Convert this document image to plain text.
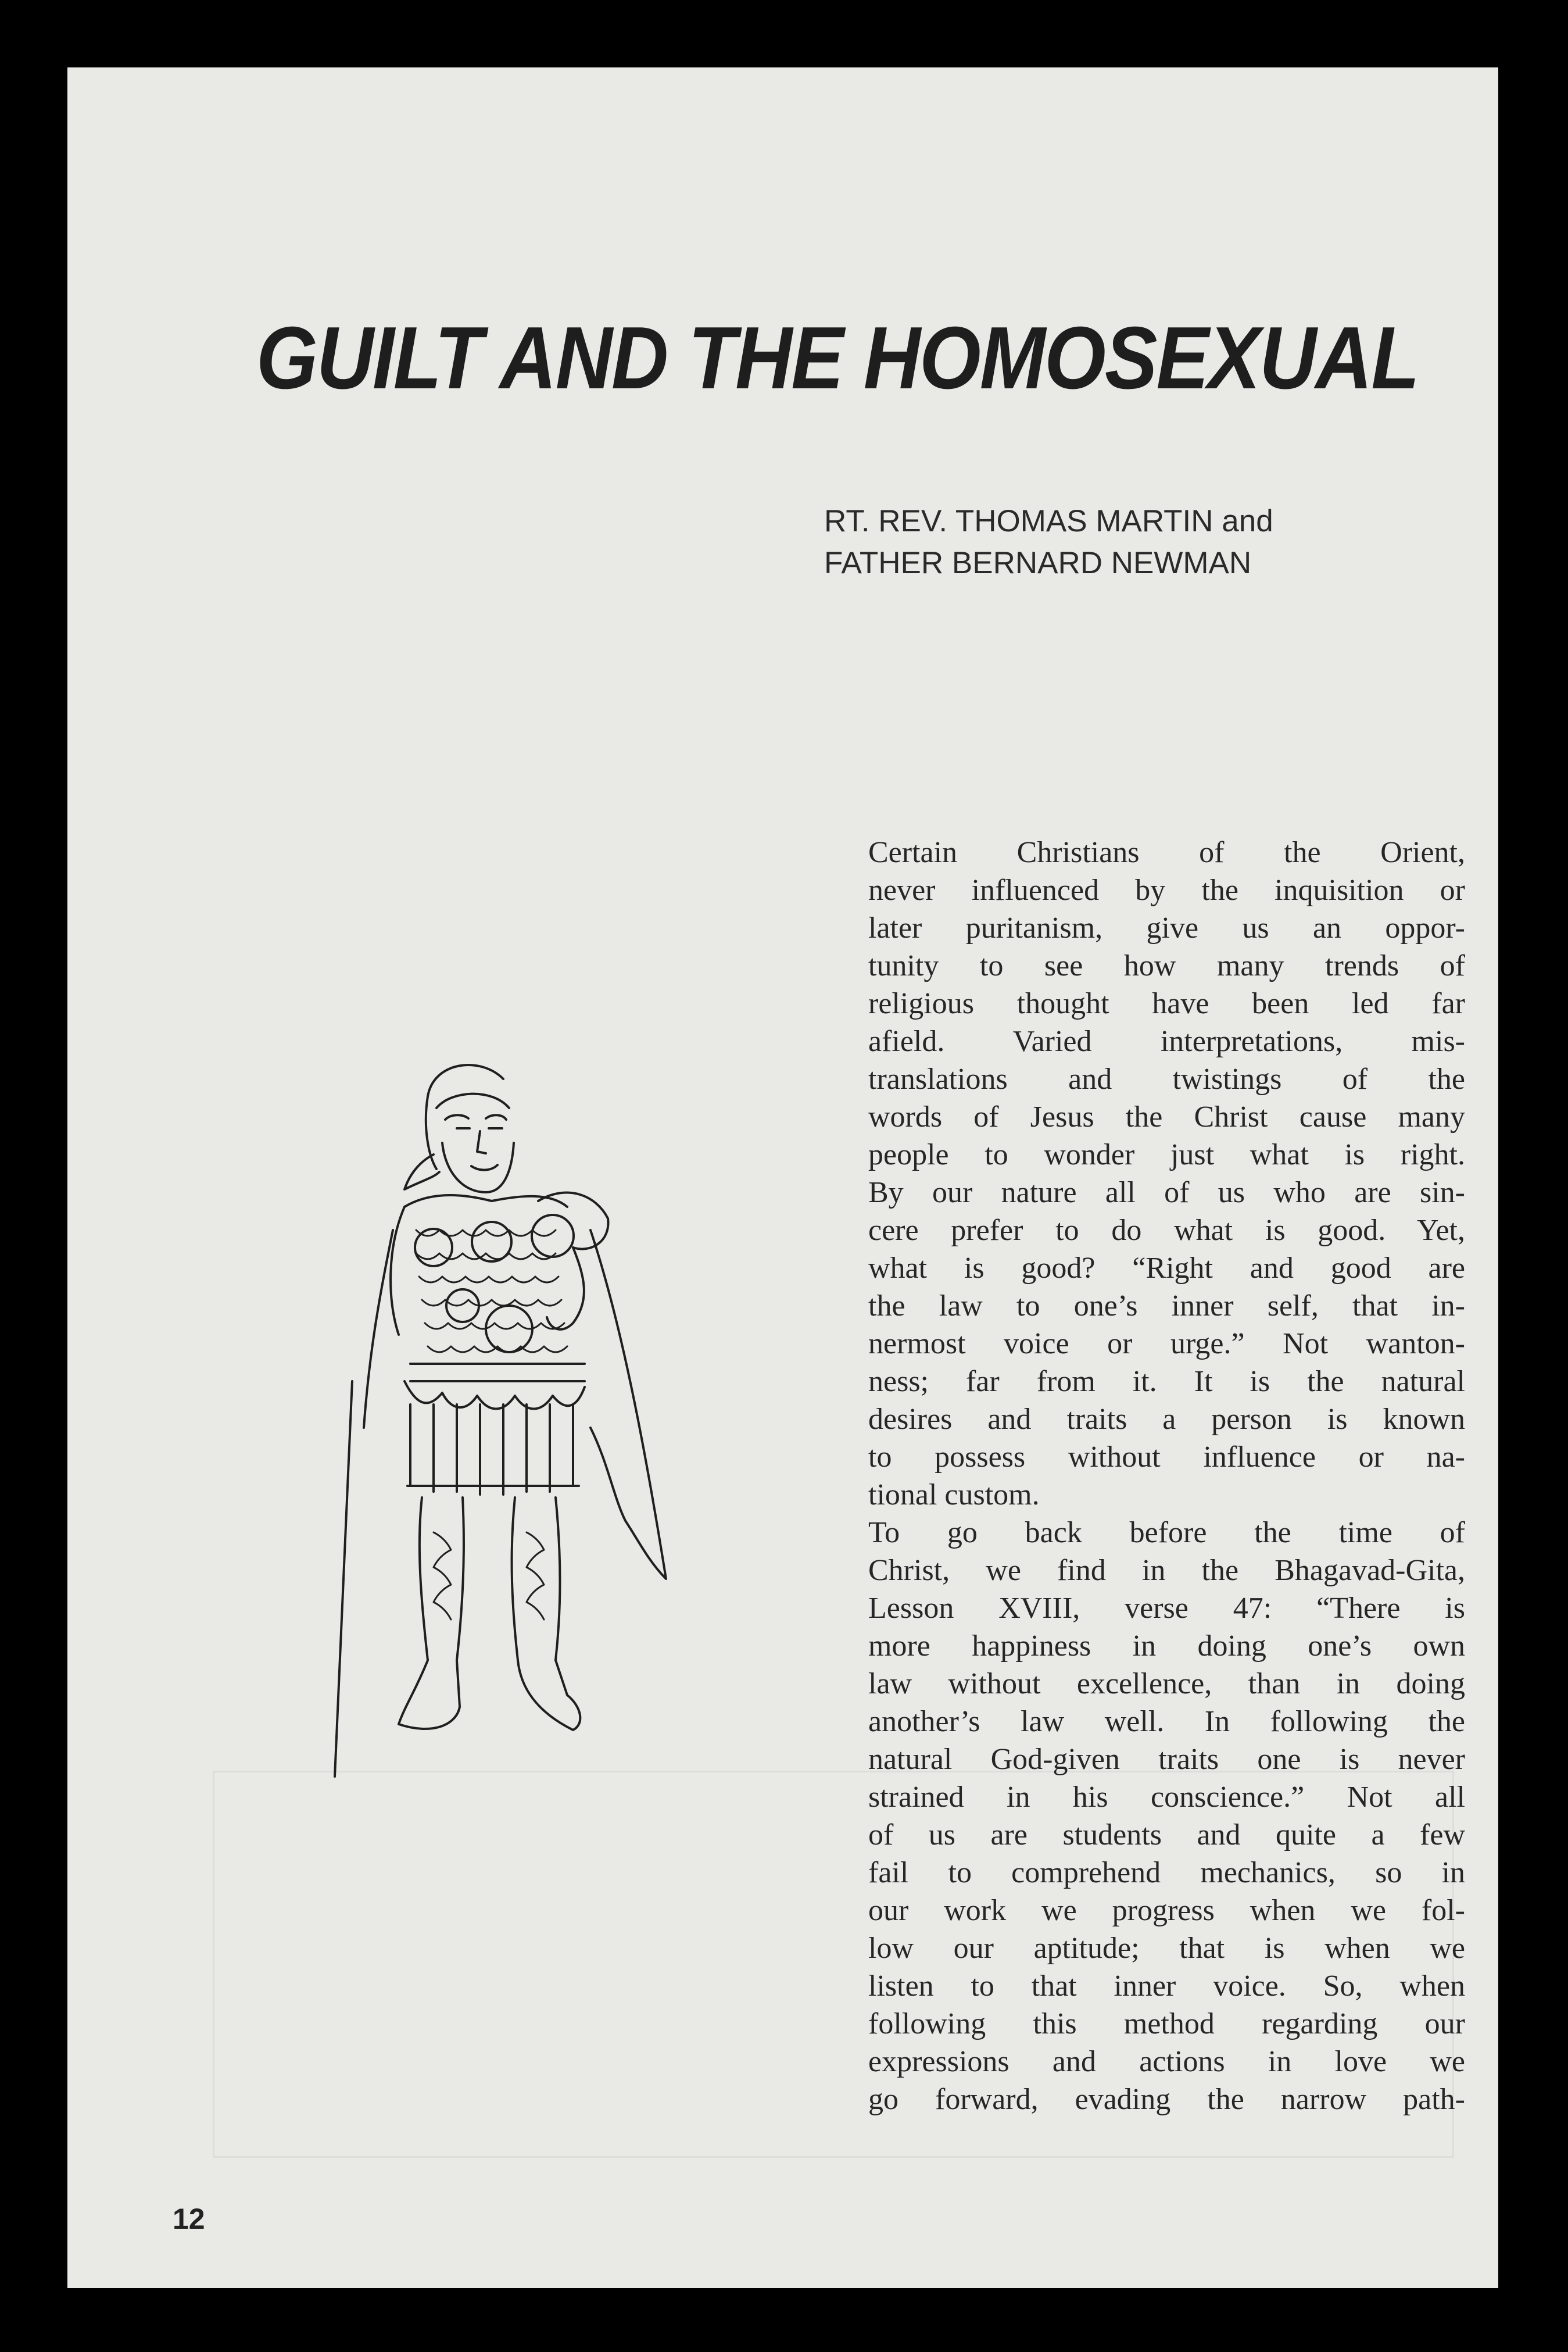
GUILT AND THE HOMOSEXUAL
RT. REV. THOMAS MARTIN and
FATHER BERNARD NEWMAN

Certain Christians of the Orient,
never influenced by the inquisition or
later puritanism, give us an oppor-
tunity to see how many trends of
religious thought have been led far
afield. Varied interpretations, mis-
translations and twistings of the
words of Jesus the Christ cause many
people to wonder just what is right.
By our nature all of us who are sin-
cere prefer to do what is good. Yet,
what is good? “Right and good are
the law to one’s inner self, that in-
nermost voice or urge.” Not wanton-
ness; far from it. It is the natural
desires and traits a person is known
to possess without influence or na-
tional custom.

To go back before the time of
Christ, we find in the Bhagavad-Gita,
Lesson XVIII, verse 47: “There is
more happiness in doing one’s own
law without excellence, than in doing
another’s law well. In following the
natural God-given traits one is never
strained in his conscience.” Not all
of us are students and quite a few
fail to comprehend mechanics, so in
our work we progress when we fol-
low our aptitude; that is when we
listen to that inner voice. So, when
following this method regarding our
expressions and actions in love we
go forward, evading the narrow path-

12
